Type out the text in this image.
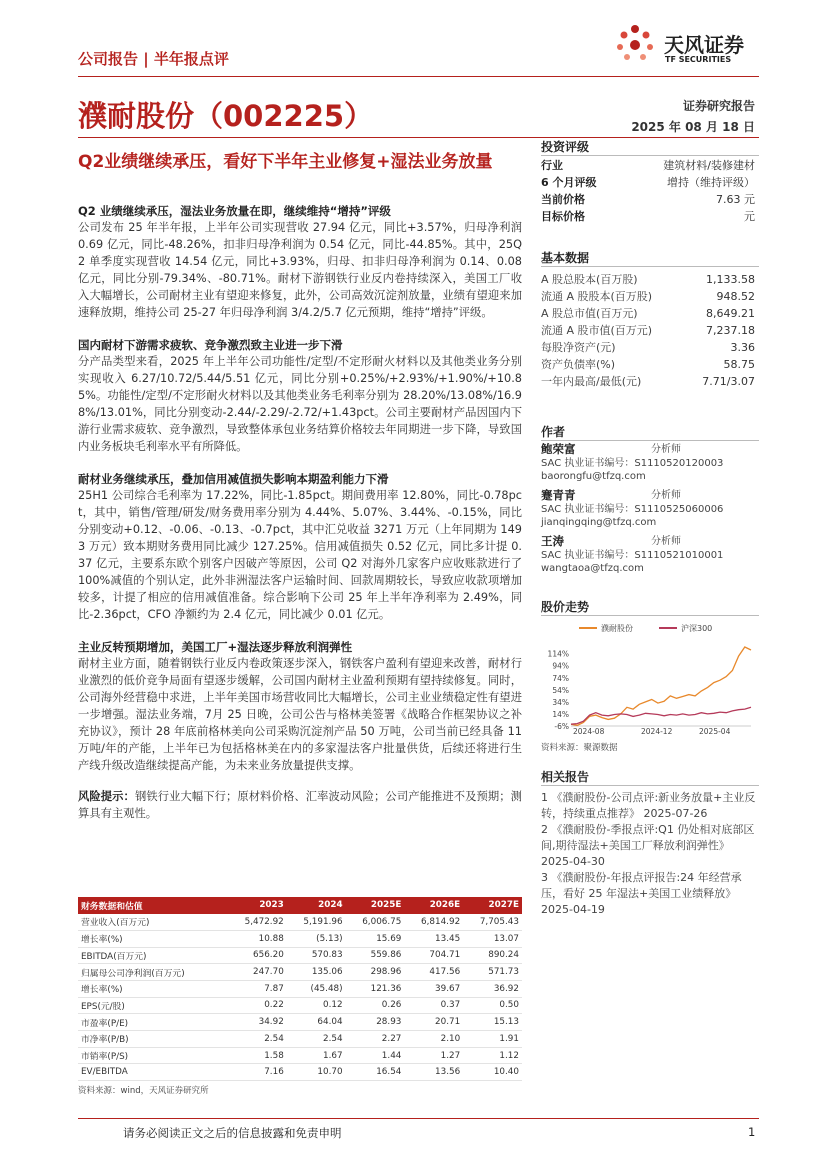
公司报告 | 半年报点评
天风证券
TF SECURITIES
濮耐股份（002225）	证券研究报告
2025 年 08 月 18 日
Q2业绩继续承压，看好下半年主业修复+湿法业务放量
Q2 业绩继续承压，湿法业务放量在即，继续维持“增持”评级
公司发布 25 年半年报，上半年公司实现营收 27.94 亿元，同比+3.57%，归母净利润 0.69 亿元，同比-48.26%，扣非归母净利润为 0.54 亿元，同比-44.85%。其中，25Q2 单季度实现营收 14.54 亿元，同比+3.93%，归母、扣非归母净利润为 0.14、0.08 亿元，同比分别-79.34%、-80.71%。耐材下游钢铁行业反内卷持续深入，美国工厂收入大幅增长，公司耐材主业有望迎来修复，此外，公司高效沉淀剂放量，业绩有望迎来加速释放期，维持公司 25-27 年归母净利润 3/4.2/5.7 亿元预期，维持“增持”评级。
国内耐材下游需求疲软、竞争激烈致主业进一步下滑
分产品类型来看，2025 年上半年公司功能性/定型/不定形耐火材料以及其他类业务分别实现收入 6.27/10.72/5.44/5.51 亿元，同比分别+0.25%/+2.93%/+1.90%/+10.85%。功能性/定型/不定形耐火材料以及其他类业务毛利率分别为 28.20%/13.08%/16.98%/13.01%，同比分别变动-2.44/-2.29/-2.72/+1.43pct。公司主要耐材产品因国内下游行业需求疲软、竞争激烈，导致整体承包业务结算价格较去年同期进一步下降，导致国内业务板块毛利率水平有所降低。
耐材业务继续承压，叠加信用减值损失影响本期盈利能力下滑
25H1 公司综合毛利率为 17.22%，同比-1.85pct。期间费用率 12.80%，同比-0.78pct，其中，销售/管理/研发/财务费用率分别为 4.44%、5.07%、3.44%、-0.15%，同比分别变动+0.12、-0.06、-0.13、-0.7pct，其中汇兑收益 3271 万元（上年同期为 1493 万元）致本期财务费用同比减少 127.25%。信用减值损失 0.52 亿元，同比多计提 0.37 亿元，主要系东欧个别客户因破产等原因，公司 Q2 对海外几家客户应收账款进行了 100%减值的个别认定，此外非洲湿法客户运输时间、回款周期较长，导致应收款项增加较多，计提了相应的信用减值准备。综合影响下公司 25 年上半年净利率为 2.49%，同比-2.36pct，CFO 净额约为 2.4 亿元，同比减少 0.01 亿元。
主业反转预期增加，美国工厂+湿法逐步释放利润弹性
耐材主业方面，随着钢铁行业反内卷政策逐步深入，钢铁客户盈利有望迎来改善，耐材行业激烈的低价竞争局面有望逐步缓解，公司国内耐材主业盈利预期有望持续修复。同时，公司海外经营稳中求进，上半年美国市场营收同比大幅增长，公司主业业绩稳定性有望进一步增强。湿法业务端，7月 25 日晚，公司公告与格林美签署《战略合作框架协议之补充协议》，预计 28 年底前格林美向公司采购沉淀剂产品 50 万吨，公司当前已经具备 11 万吨/年的产能，上半年已为包括格林美在内的多家湿法客户批量供货，后续还将进行生产线升级改造继续提高产能，为未来业务放量提供支撑。
风险提示：钢铁行业大幅下行；原材料价格、汇率波动风险；公司产能推进不及预期；测算具有主观性。
财务数据和估值	2023	2024	2025E	2026E	2027E
营业收入(百万元)	5,472.92	5,191.96	6,006.75	6,814.92	7,705.43
增长率(%)	10.88	(5.13)	15.69	13.45	13.07
EBITDA(百万元)	656.20	570.83	559.86	704.71	890.24
归属母公司净利润(百万元)	247.70	135.06	298.96	417.56	571.73
增长率(%)	7.87	(45.48)	121.36	39.67	36.92
EPS(元/股)	0.22	0.12	0.26	0.37	0.50
市盈率(P/E)	34.92	64.04	28.93	20.71	15.13
市净率(P/B)	2.54	2.54	2.27	2.10	1.91
市销率(P/S)	1.58	1.67	1.44	1.27	1.12
EV/EBITDA	7.16	10.70	16.54	13.56	10.40
资料来源：wind，天风证券研究所
投资评级
行业	建筑材料/装修建材
6 个月评级	增持（维持评级）
当前价格	7.63 元
目标价格	元
基本数据
A 股总股本(百万股)	1,133.58
流通 A 股股本(百万股)	948.52
A 股总市值(百万元)	8,649.21
流通 A 股市值(百万元)	7,237.18
每股净资产(元)	3.36
资产负债率(%)	58.75
一年内最高/最低(元)	7.71/3.07
作者
鲍荣富	分析师
SAC 执业证书编号：S1110520120003
baorongfu@tfzq.com
蹇青青	分析师
SAC 执业证书编号：S1110525060006
jianqingqing@tfzq.com
王涛	分析师
SAC 执业证书编号：S1110521010001
wangtaoa@tfzq.com
股价走势
濮耐股份	沪深300
114%
94%
74%
54%
34%
14%
-6%
2024-08	2024-12	2025-04
资料来源：聚源数据
相关报告
1 《濮耐股份-公司点评:新业务放量+主业反转，持续重点推荐》 2025-07-26
2 《濮耐股份-季报点评:Q1 仍处相对底部区间,期待湿法+美国工厂释放利润弹性》 2025-04-30
3 《濮耐股份-年报点评报告:24 年经营承压，看好 25 年湿法+美国工业绩释放》 2025-04-19
请务必阅读正文之后的信息披露和免责申明	1
